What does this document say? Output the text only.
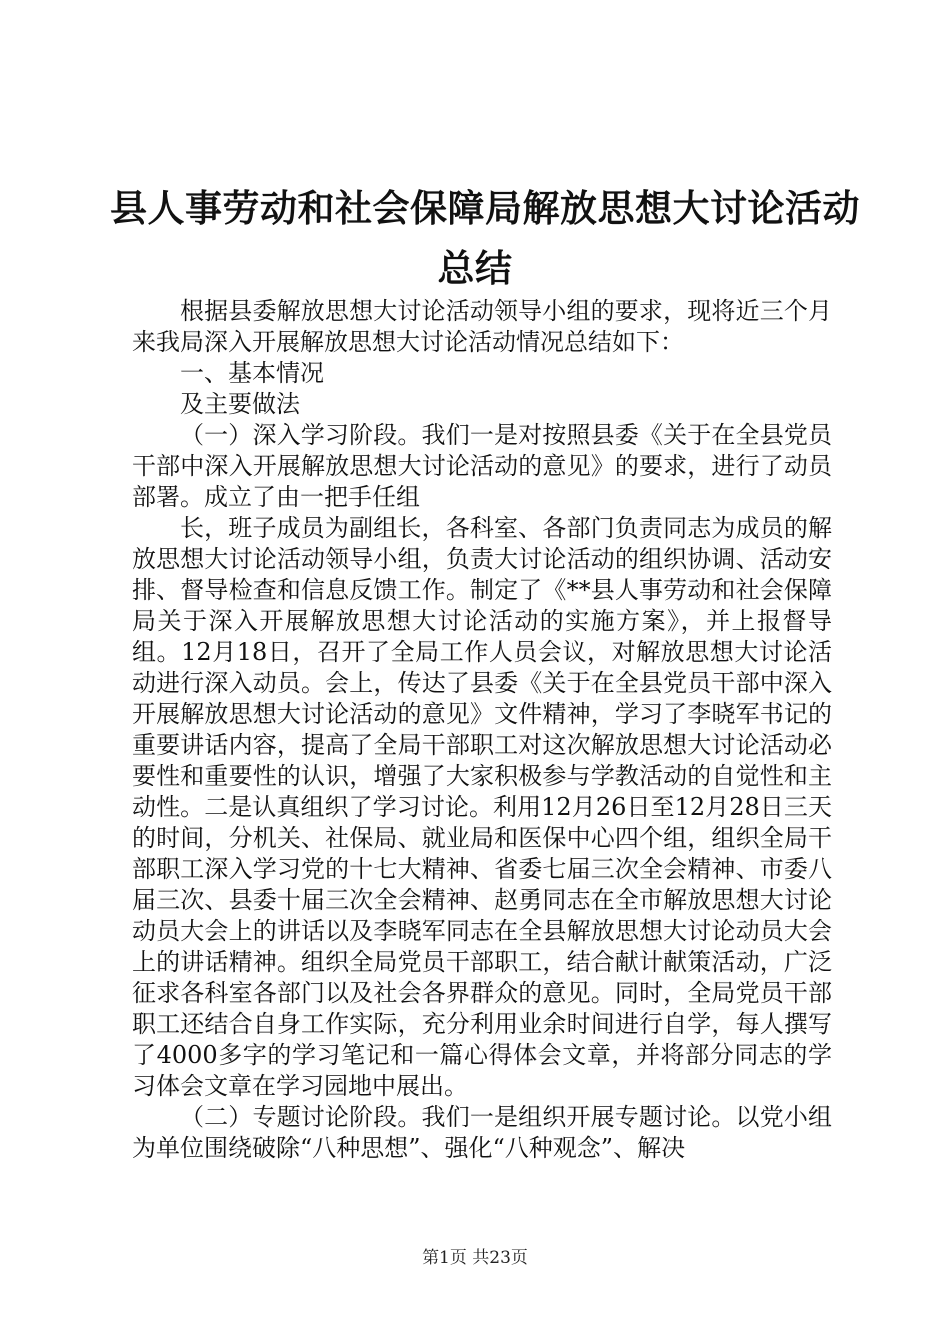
县人事劳动和社会保障局解放思想大讨论活动
总结

根据县委解放思想大讨论活动领导小组的要求，现将近三个月来我局深入开展解放思想大讨论活动情况总结如下：

一、基本情况

及主要做法

（一）深入学习阶段。我们一是对按照县委《关于在全县党员干部中深入开展解放思想大讨论活动的意见》的要求，进行了动员部署。成立了由一把手任组

长，班子成员为副组长，各科室、各部门负责同志为成员的解放思想大讨论活动领导小组，负责大讨论活动的组织协调、活动安排、督导检查和信息反馈工作。制定了《**县人事劳动和社会保障局关于深入开展解放思想大讨论活动的实施方案》，并上报督导组。12月18日，召开了全局工作人员会议，对解放思想大讨论活动进行深入动员。会上，传达了县委《关于在全县党员干部中深入开展解放思想大讨论活动的意见》文件精神，学习了李晓军书记的重要讲话内容，提高了全局干部职工对这次解放思想大讨论活动必要性和重要性的认识，增强了大家积极参与学教活动的自觉性和主动性。二是认真组织了学习讨论。利用12月26日至12月28日三天的时间，分机关、社保局、就业局和医保中心四个组，组织全局干部职工深入学习党的十七大精神、省委七届三次全会精神、市委八届三次、县委十届三次全会精神、赵勇同志在全市解放思想大讨论动员大会上的讲话以及李晓军同志在全县解放思想大讨论动员大会上的讲话精神。组织全局党员干部职工，结合献计献策活动，广泛征求各科室各部门以及社会各界群众的意见。同时，全局党员干部职工还结合自身工作实际，充分利用业余时间进行自学，每人撰写了4000多字的学习笔记和一篇心得体会文章，并将部分同志的学习体会文章在学习园地中展出。

（二）专题讨论阶段。我们一是组织开展专题讨论。以党小组为单位围绕破除“八种思想”、强化“八种观念”、解决

第1页 共23页
